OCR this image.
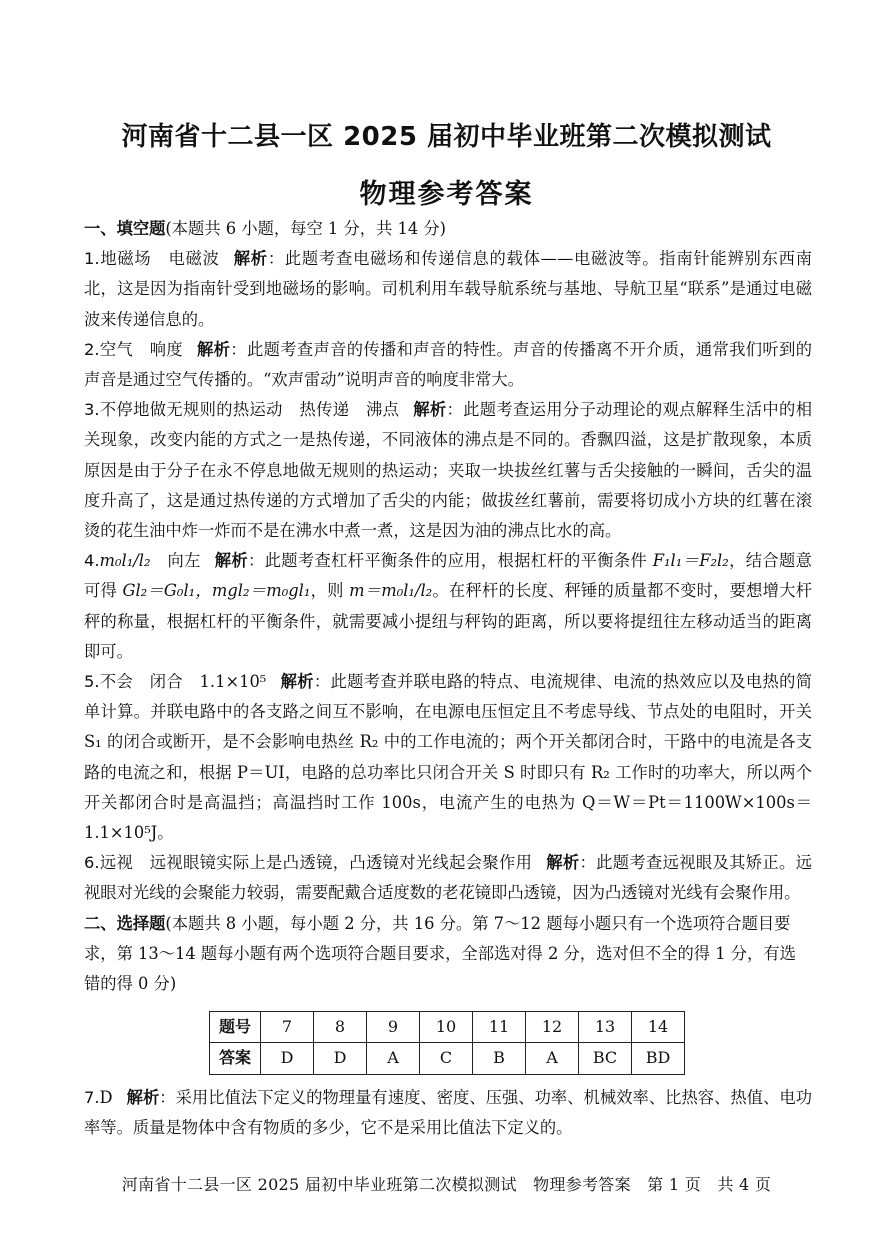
河南省十二县一区 2025 届初中毕业班第二次模拟测试
物理参考答案

一、填空题(本题共 6 小题，每空 1 分，共 14 分)

1.地磁场　电磁波 解析：此题考查电磁场和传递信息的载体——电磁波等。指南针能辨别东西南北，这是因为指南针受到地磁场的影响。司机利用车载导航系统与基地、导航卫星“联系”是通过电磁波来传递信息的。

2.空气　响度 解析：此题考查声音的传播和声音的特性。声音的传播离不开介质，通常我们听到的声音是通过空气传播的。“欢声雷动”说明声音的响度非常大。

3.不停地做无规则的热运动　热传递　沸点 解析：此题考查运用分子动理论的观点解释生活中的相关现象，改变内能的方式之一是热传递，不同液体的沸点是不同的。香飘四溢，这是扩散现象，本质原因是由于分子在永不停息地做无规则的热运动；夹取一块拔丝红薯与舌尖接触的一瞬间，舌尖的温度升高了，这是通过热传递的方式增加了舌尖的内能；做拔丝红薯前，需要将切成小方块的红薯在滚烫的花生油中炸一炸而不是在沸水中煮一煮，这是因为油的沸点比水的高。

4.m₀l₁/l₂　向左 解析：此题考查杠杆平衡条件的应用，根据杠杆的平衡条件 F₁l₁＝F₂l₂，结合题意可得 Gl₂＝G₀l₁，mgl₂＝m₀gl₁，则 m＝m₀l₁/l₂。在秤杆的长度、秤锤的质量都不变时，要想增大杆秤的称量，根据杠杆的平衡条件，就需要减小提纽与秤钩的距离，所以要将提纽往左移动适当的距离即可。

5.不会　闭合　1.1×10⁵ 解析：此题考查并联电路的特点、电流规律、电流的热效应以及电热的简单计算。并联电路中的各支路之间互不影响，在电源电压恒定且不考虑导线、节点处的电阻时，开关 S₁ 的闭合或断开，是不会影响电热丝 R₂ 中的工作电流的；两个开关都闭合时，干路中的电流是各支路的电流之和，根据 P＝UI，电路的总功率比只闭合开关 S 时即只有 R₂ 工作时的功率大，所以两个开关都闭合时是高温挡；高温挡时工作 100s，电流产生的电热为 Q＝W＝Pt＝1100W×100s＝1.1×10⁵J。

6.远视　远视眼镜实际上是凸透镜，凸透镜对光线起会聚作用 解析：此题考查远视眼及其矫正。远视眼对光线的会聚能力较弱，需要配戴合适度数的老花镜即凸透镜，因为凸透镜对光线有会聚作用。

二、选择题(本题共 8 小题，每小题 2 分，共 16 分。第 7～12 题每小题只有一个选项符合题目要求，第 13～14 题每小题有两个选项符合题目要求，全部选对得 2 分，选对但不全的得 1 分，有选错的得 0 分)

题号	7	8	9	10	11	12	13	14
答案	D	D	A	C	B	A	BC	BD

7.D 解析：采用比值法下定义的物理量有速度、密度、压强、功率、机械效率、比热容、热值、电功率等。质量是物体中含有物质的多少，它不是采用比值法下定义的。

河南省十二县一区 2025 届初中毕业班第二次模拟测试　物理参考答案　第 1 页　共 4 页
